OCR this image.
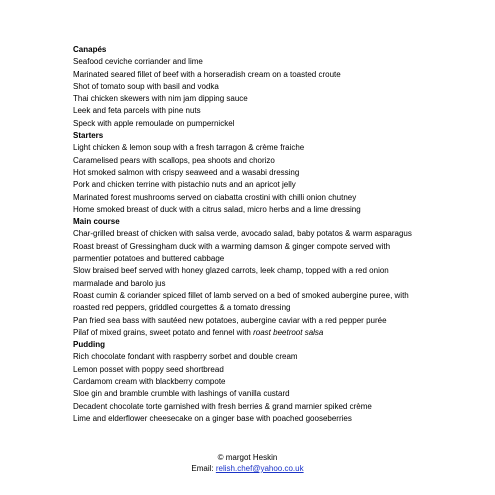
Canapés
Seafood ceviche corriander and lime
Marinated seared fillet of beef with a horseradish cream on a toasted croute
Shot of tomato soup with basil and vodka
Thai chicken skewers with nim jam dipping sauce
Leek and feta parcels with pine nuts
Speck with apple remoulade on pumpernickel
Starters
Light chicken & lemon soup with a fresh tarragon & crème fraiche
Caramelised pears with scallops, pea shoots and chorizo
Hot smoked salmon with crispy seaweed and a wasabi dressing
Pork and chicken terrine with pistachio nuts and an apricot jelly
Marinated forest mushrooms served on ciabatta crostini with chilli onion chutney
Home smoked breast of duck with a citrus salad, micro herbs and a lime dressing
Main course
Char-grilled breast of chicken with salsa verde, avocado salad, baby potatos & warm asparagus
Roast breast of Gressingham duck with a warming damson & ginger compote served with parmentier potatoes and buttered cabbage
Slow braised beef served with honey glazed carrots, leek champ, topped with a red onion marmalade and barolo jus
Roast cumin & coriander spiced fillet of lamb served on a bed of smoked aubergine puree, with roasted red peppers, griddled courgettes & a tomato dressing
Pan fried sea bass with sautéed new potatoes, aubergine caviar with a red pepper purée
Pilaf of mixed grains, sweet potato and fennel with roast beetroot salsa
Pudding
Rich chocolate fondant with raspberry sorbet and double cream
Lemon posset with poppy seed shortbread
Cardamom cream with blackberry compote
Sloe gin and bramble crumble with lashings of vanilla custard
Decadent chocolate torte garnished with fresh berries & grand marnier spiked crème
Lime and elderflower cheesecake on a ginger base with poached gooseberries
© margot Heskin
Email: relish.chef@yahoo.co.uk
